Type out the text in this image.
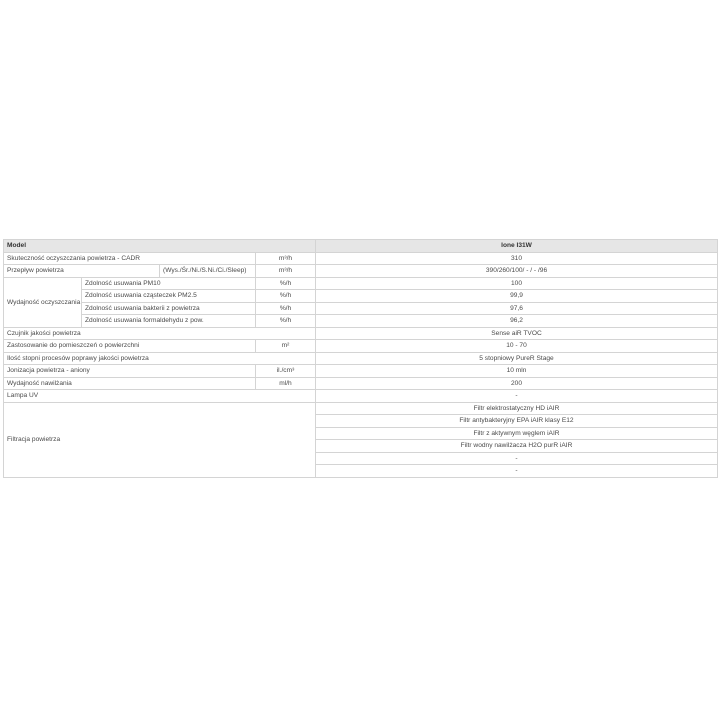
Model				Ione I31W
Skuteczność oczyszczania powietrza - CADR			m³/h	310
Przepływ powietrza		(Wys./Śr./Ni./S.Ni./Ci./Sleep)	m³/h	390/260/100/ - / - /96
Wydajność oczyszczania	Zdolność usuwania PM10		%/h	100
	Zdolność usuwania cząsteczek PM2.5		%/h	99,9
	Zdolność usuwania bakterii z powietrza		%/h	97,6
	Zdolność usuwania formaldehydu z pow.		%/h	96,2
Czujnik jakości powietrza				Sense aiR TVOC
Zastosowanie do pomieszczeń o powierzchni			m²	10 - 70
Ilość stopni procesów poprawy jakości powietrza				5 stopniowy PureR Stage
Jonizacja powietrza - aniony			il./cm³	10 mln
Wydajność nawilżania			ml/h	200
Lampa UV				-
Filtracja powietrza				Filtr elektrostatyczny HD iAIR
				Filtr antybakteryjny EPA iAIR klasy E12
				Filtr z aktywnym węglem iAIR
				Filtr wodny nawilżacza H2O purR iAIR
				-
				-
